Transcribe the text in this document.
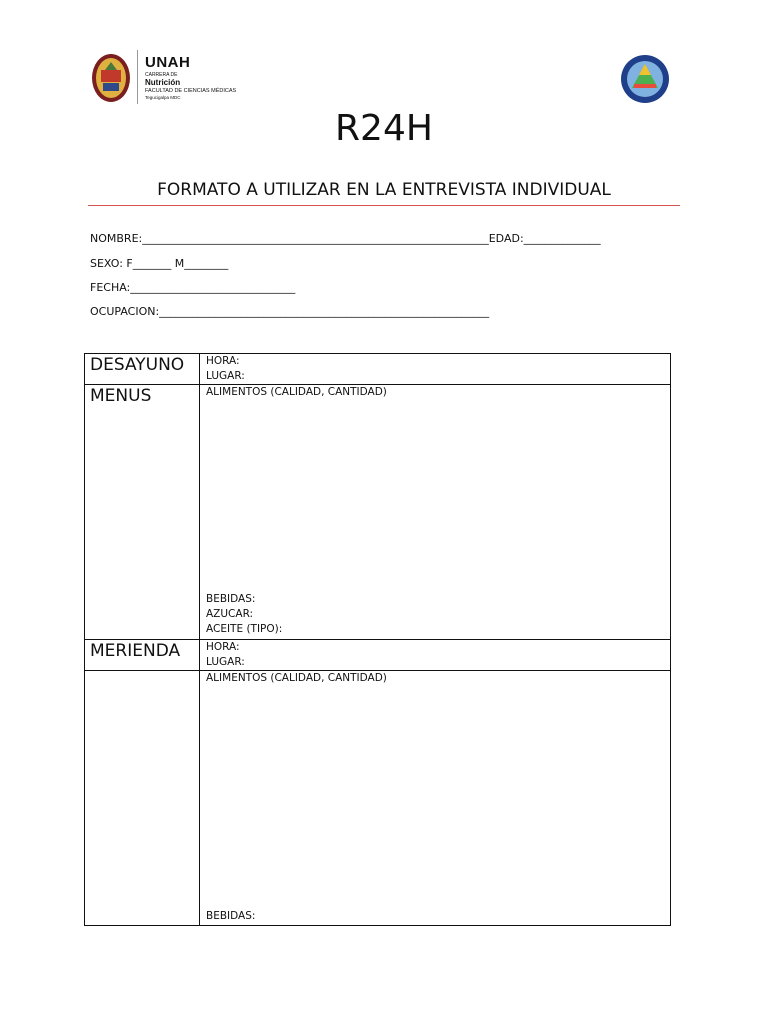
UNAH
CARRERA DE
Nutrición
FACULTAD DE CIENCIAS MÉDICAS
Tegucigalpa MDC
R24H
FORMATO A UTILIZAR EN LA ENTREVISTA INDIVIDUAL
NOMBRE:_______________________________________________________________EDAD:______________
SEXO: F_______ M________
FECHA:______________________________
OCUPACION:____________________________________________________________
DESAYUNO	HORA:
LUGAR:

MENUS	ALIMENTOS (CALIDAD, CANTIDAD)
BEBIDAS:
AZUCAR:
ACEITE (TIPO):

MERIENDA	HORA:
LUGAR:

	ALIMENTOS (CALIDAD, CANTIDAD)
BEBIDAS:
